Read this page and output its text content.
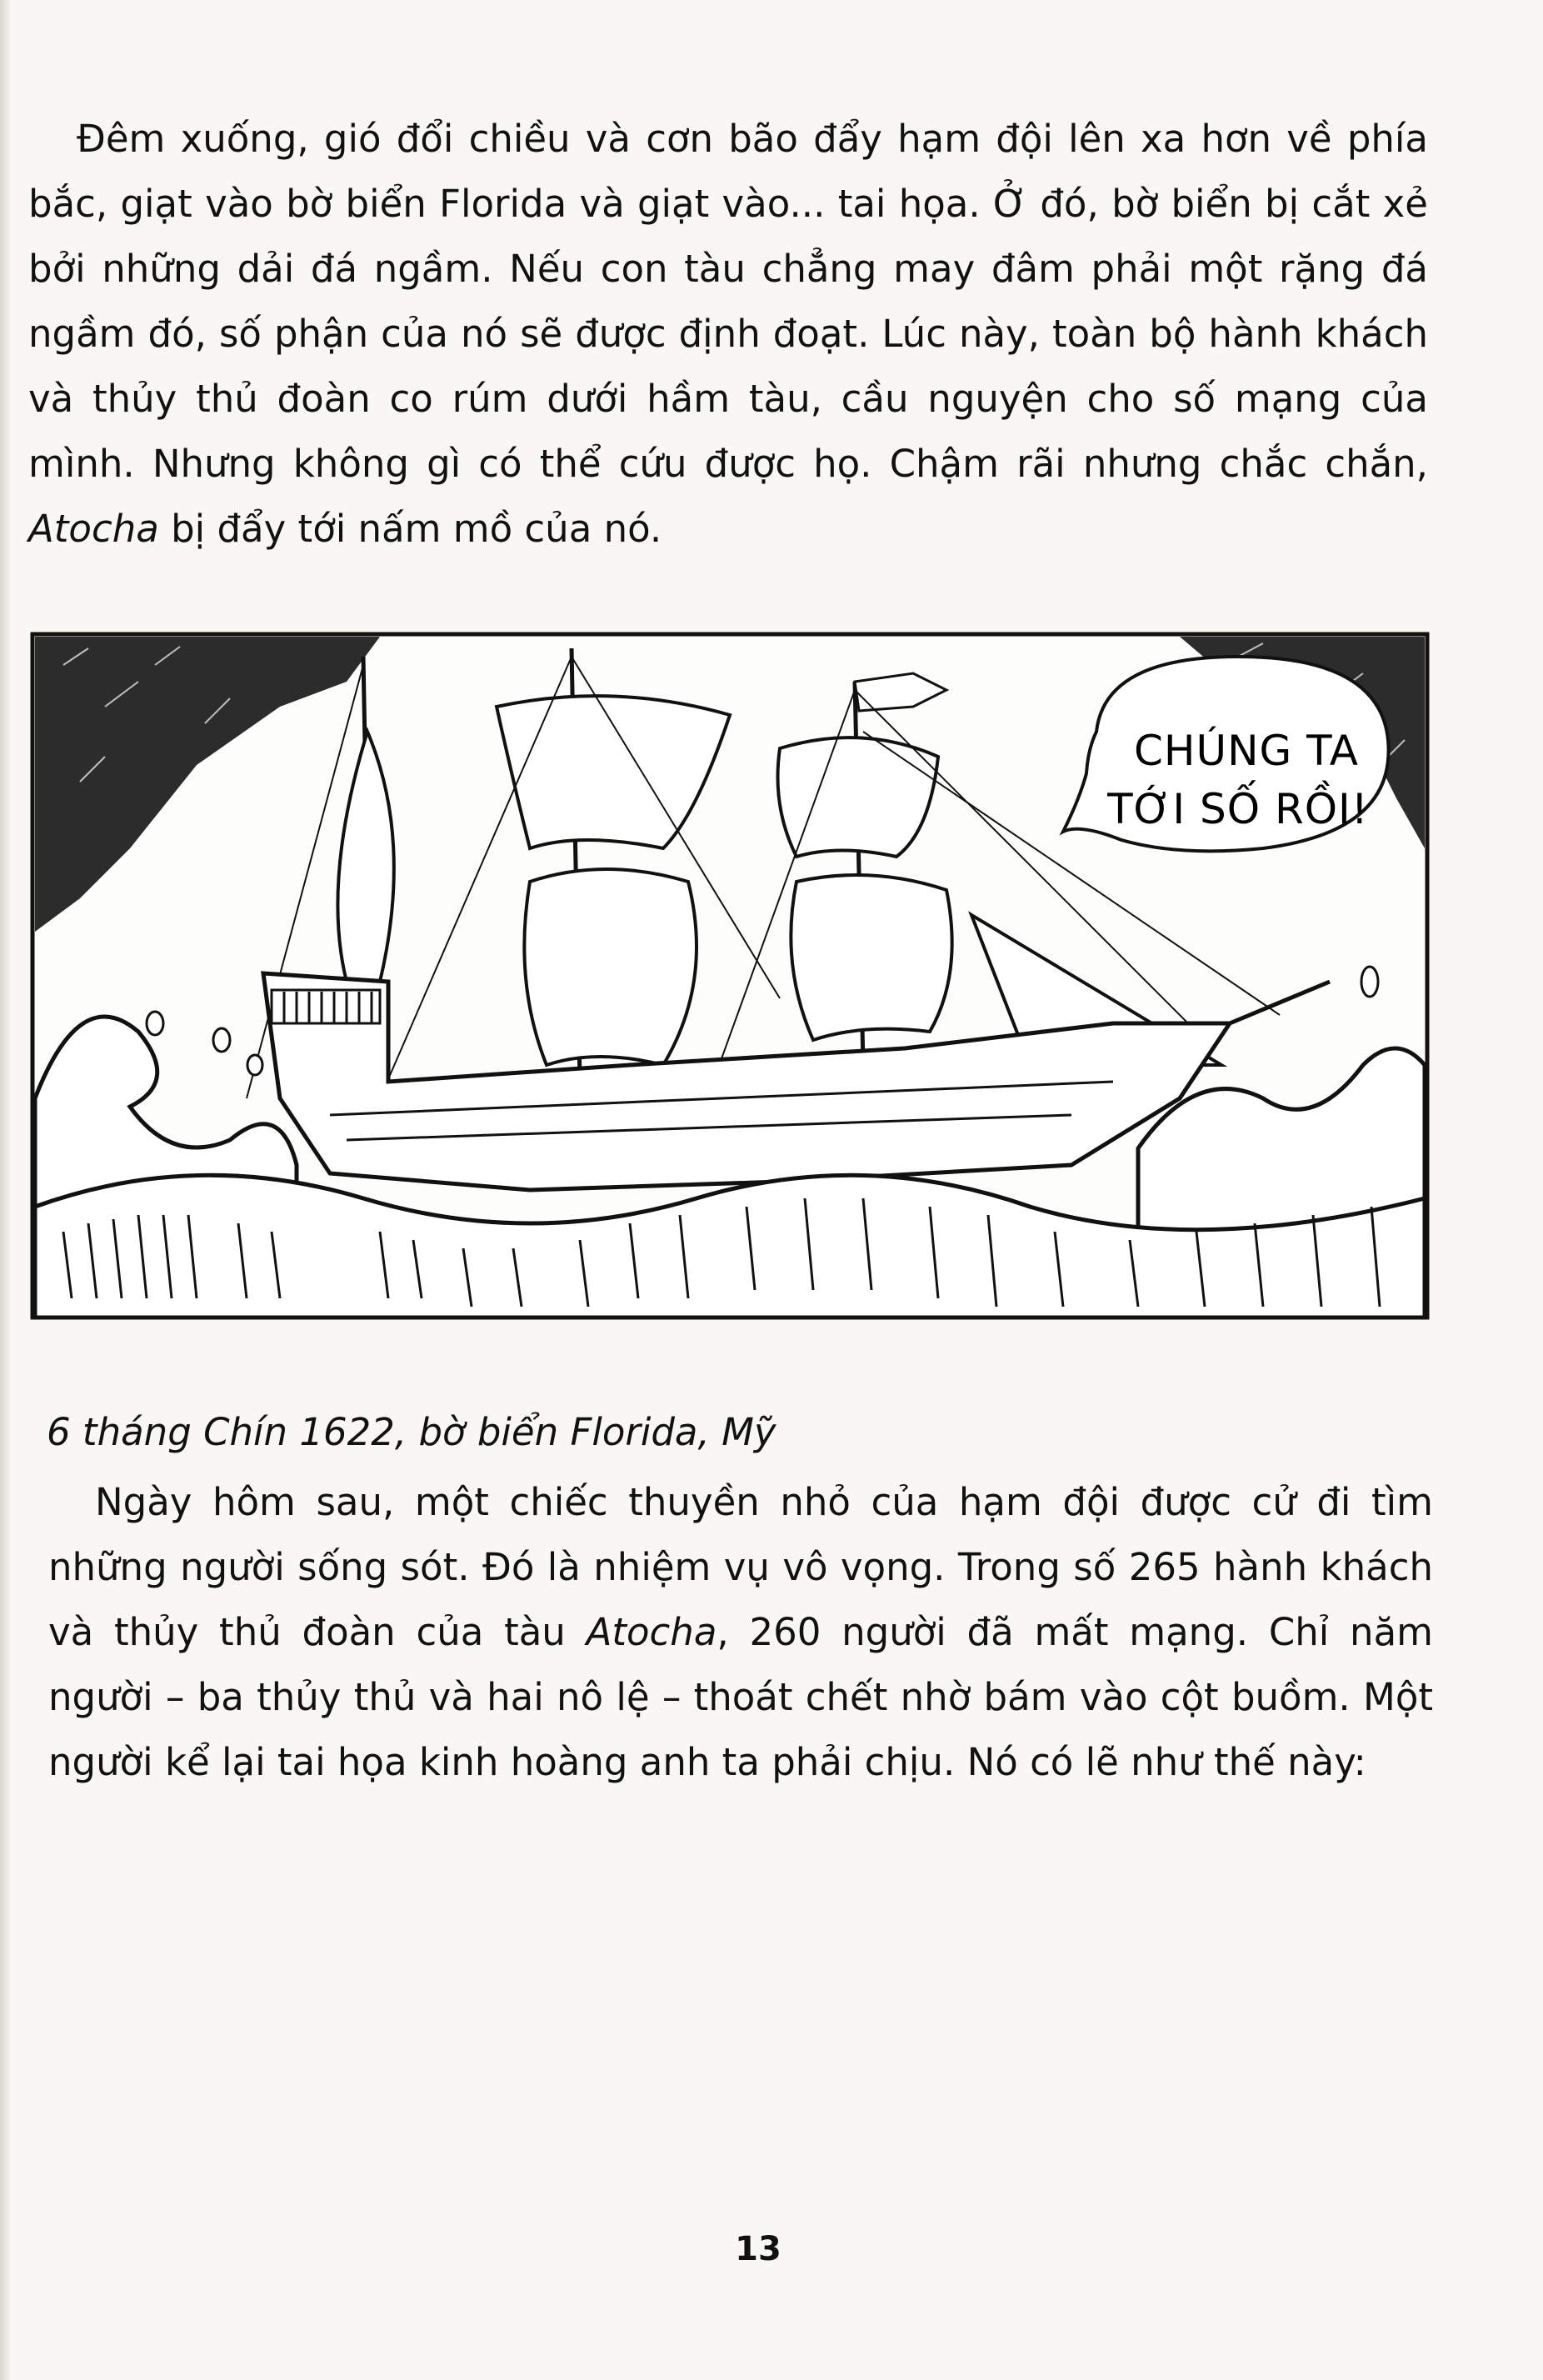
Đêm xuống, gió đổi chiều và cơn bão đẩy hạm đội lên xa hơn về phía bắc, giạt vào bờ biển Florida và giạt vào... tai họa. Ở đó, bờ biển bị cắt xẻ bởi những dải đá ngầm. Nếu con tàu chẳng may đâm phải một rặng đá ngầm đó, số phận của nó sẽ được định đoạt. Lúc này, toàn bộ hành khách và thủy thủ đoàn co rúm dưới hầm tàu, cầu nguyện cho số mạng của mình. Nhưng không gì có thể cứu được họ. Chậm rãi nhưng chắc chắn, Atocha bị đẩy tới nấm mồ của nó.

CHÚNG TA
TỚI SỐ RỒI!

6 tháng Chín 1622, bờ biển Florida, Mỹ

Ngày hôm sau, một chiếc thuyền nhỏ của hạm đội được cử đi tìm những người sống sót. Đó là nhiệm vụ vô vọng. Trong số 265 hành khách và thủy thủ đoàn của tàu Atocha, 260 người đã mất mạng. Chỉ năm người – ba thủy thủ và hai nô lệ – thoát chết nhờ bám vào cột buồm. Một người kể lại tai họa kinh hoàng anh ta phải chịu. Nó có lẽ như thế này:

13
